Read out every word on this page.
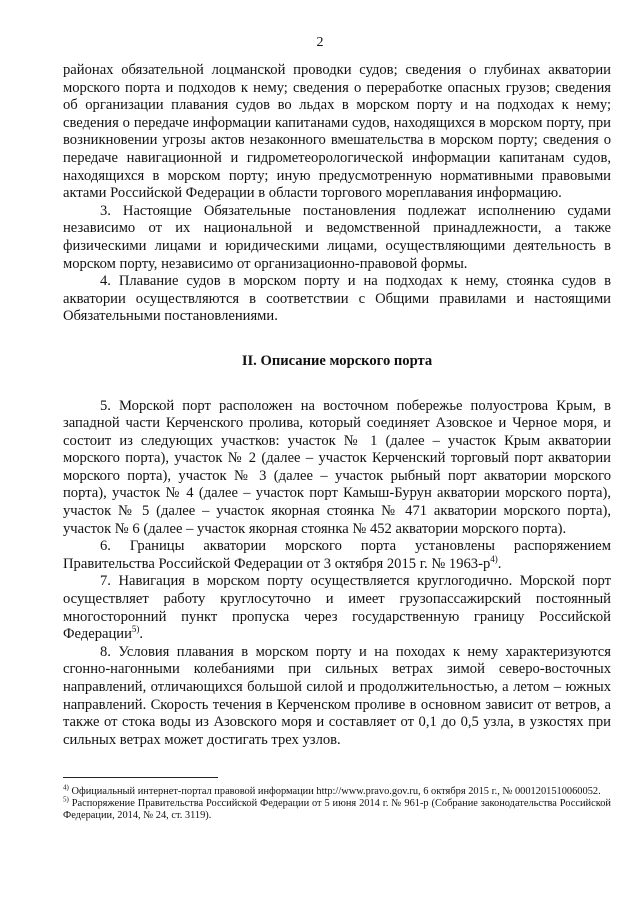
2

районах обязательной лоцманской проводки судов; сведения о глубинах акватории морского порта и подходов к нему; сведения о переработке опасных грузов; сведения об организации плавания судов во льдах в морском порту и на подходах к нему; сведения о передаче информации капитанами судов, находящихся в морском порту, при возникновении угрозы актов незаконного вмешательства в морском порту; сведения о передаче навигационной и гидрометеорологической информации капитанам судов, находящихся в морском порту; иную предусмотренную нормативными правовыми актами Российской Федерации в области торгового мореплавания информацию.

3. Настоящие Обязательные постановления подлежат исполнению судами независимо от их национальной и ведомственной принадлежности, а также физическими лицами и юридическими лицами, осуществляющими деятельность в морском порту, независимо от организационно-правовой формы.

4. Плавание судов в морском порту и на подходах к нему, стоянка судов в акватории осуществляются в соответствии с Общими правилами и настоящими Обязательными постановлениями.

II. Описание морского порта

5. Морской порт расположен на восточном побережье полуострова Крым, в западной части Керченского пролива, который соединяет Азовское и Черное моря, и состоит из следующих участков: участок № 1 (далее – участок Крым акватории морского порта), участок № 2 (далее – участок Керченский торговый порт акватории морского порта), участок № 3 (далее – участок рыбный порт акватории морского порта), участок № 4 (далее – участок порт Камыш-Бурун акватории морского порта), участок № 5 (далее – участок якорная стоянка № 471 акватории морского порта), участок № 6 (далее – участок якорная стоянка № 452 акватории морского порта).

6. Границы акватории морского порта установлены распоряжением Правительства Российской Федерации от 3 октября 2015 г. № $1963-р^{4)}$.

7. Навигация в морском порту осуществляется круглогодично. Морской порт осуществляет работу круглосуточно и имеет грузопассажирский постоянный многосторонний пункт пропуска через государственную границу Российской Федерации$^{5)}$.

8. Условия плавания в морском порту и на походах к нему характеризуются сгонно-нагонными колебаниями при сильных ветрах зимой северо-восточных направлений, отличающихся большой силой и продолжительностью, а летом – южных направлений. Скорость течения в Керченском проливе в основном зависит от ветров, а также от стока воды из Азовского моря и составляет от 0,1 до 0,5 узла, в узкостях при сильных ветрах может достигать трех узлов.

$^{4)}$ Официальный интернет-портал правовой информации http://www.pravo.gov.ru, 6 октября 2015 г., № 0001201510060052.

$^{5)}$ Распоряжение Правительства Российской Федерации от 5 июня 2014 г. № 961-р (Собрание законодательства Российской Федерации, 2014, № 24, ст. 3119).
